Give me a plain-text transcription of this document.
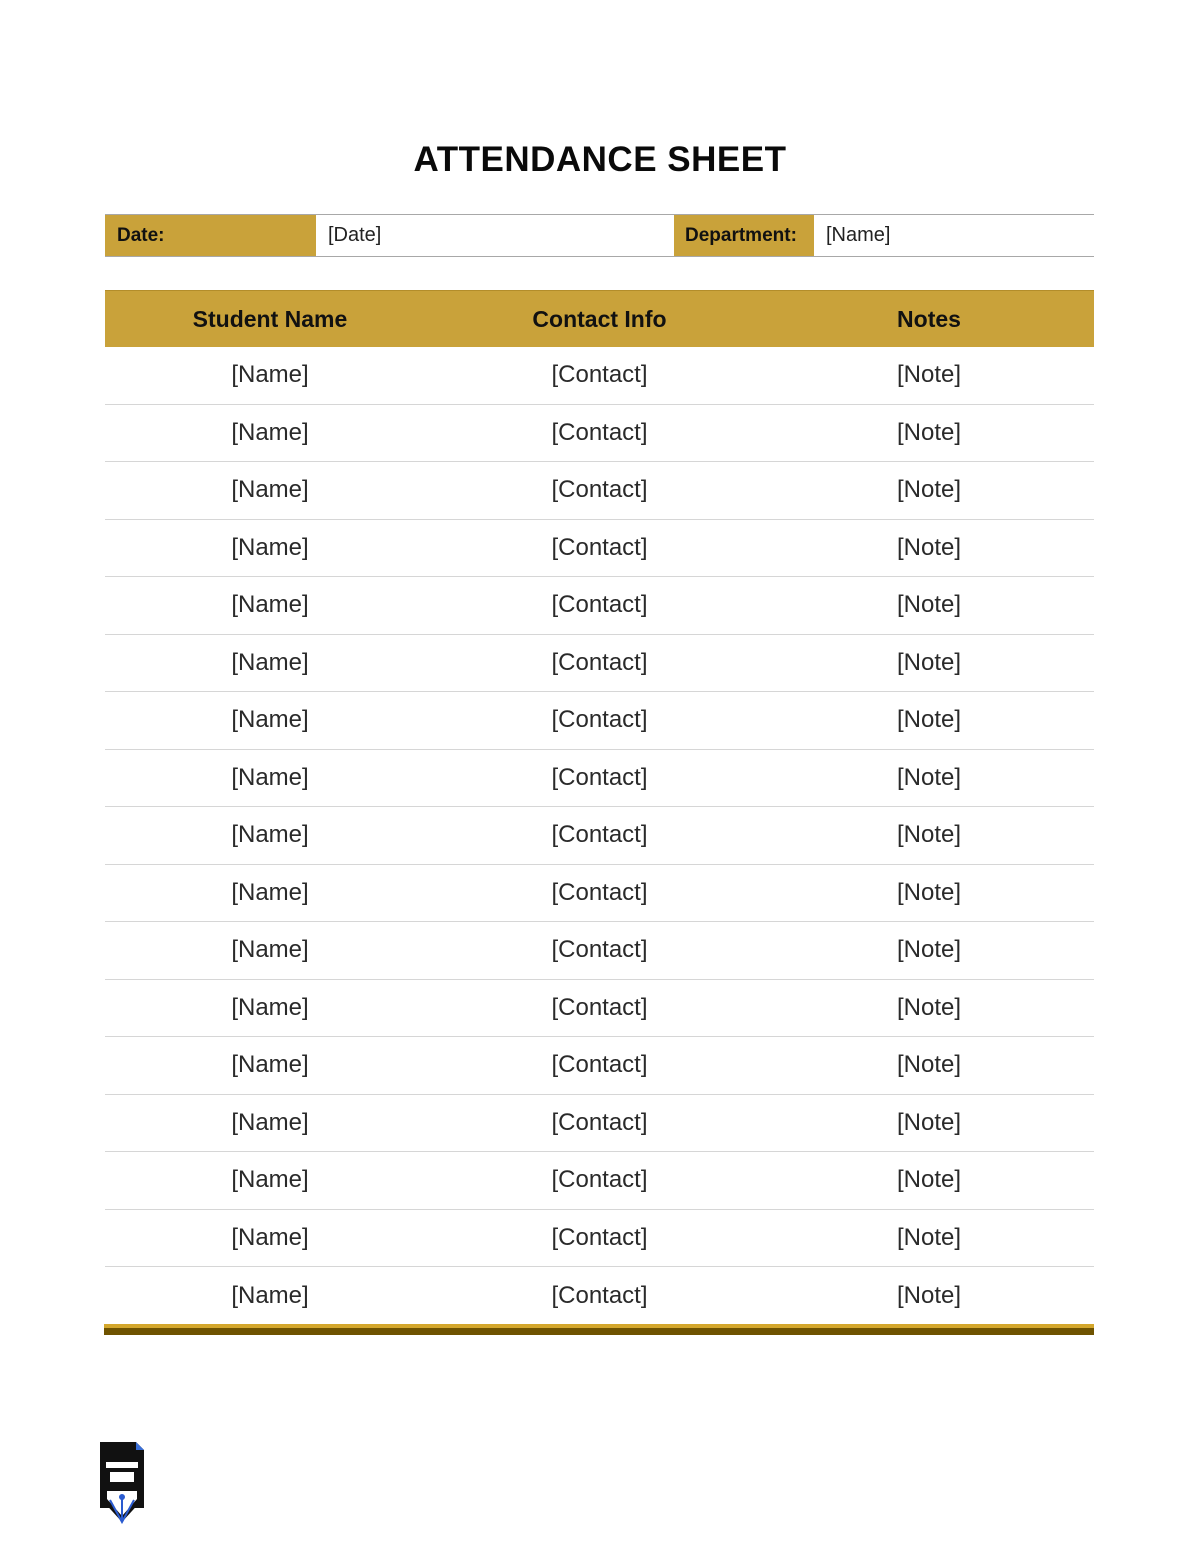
ATTENDANCE SHEET
Date:	[Date]	Department:	[Name]
Student Name	Contact Info	Notes
[Name]	[Contact]	[Note]
[Name]	[Contact]	[Note]
[Name]	[Contact]	[Note]
[Name]	[Contact]	[Note]
[Name]	[Contact]	[Note]
[Name]	[Contact]	[Note]
[Name]	[Contact]	[Note]
[Name]	[Contact]	[Note]
[Name]	[Contact]	[Note]
[Name]	[Contact]	[Note]
[Name]	[Contact]	[Note]
[Name]	[Contact]	[Note]
[Name]	[Contact]	[Note]
[Name]	[Contact]	[Note]
[Name]	[Contact]	[Note]
[Name]	[Contact]	[Note]
[Name]	[Contact]	[Note]
